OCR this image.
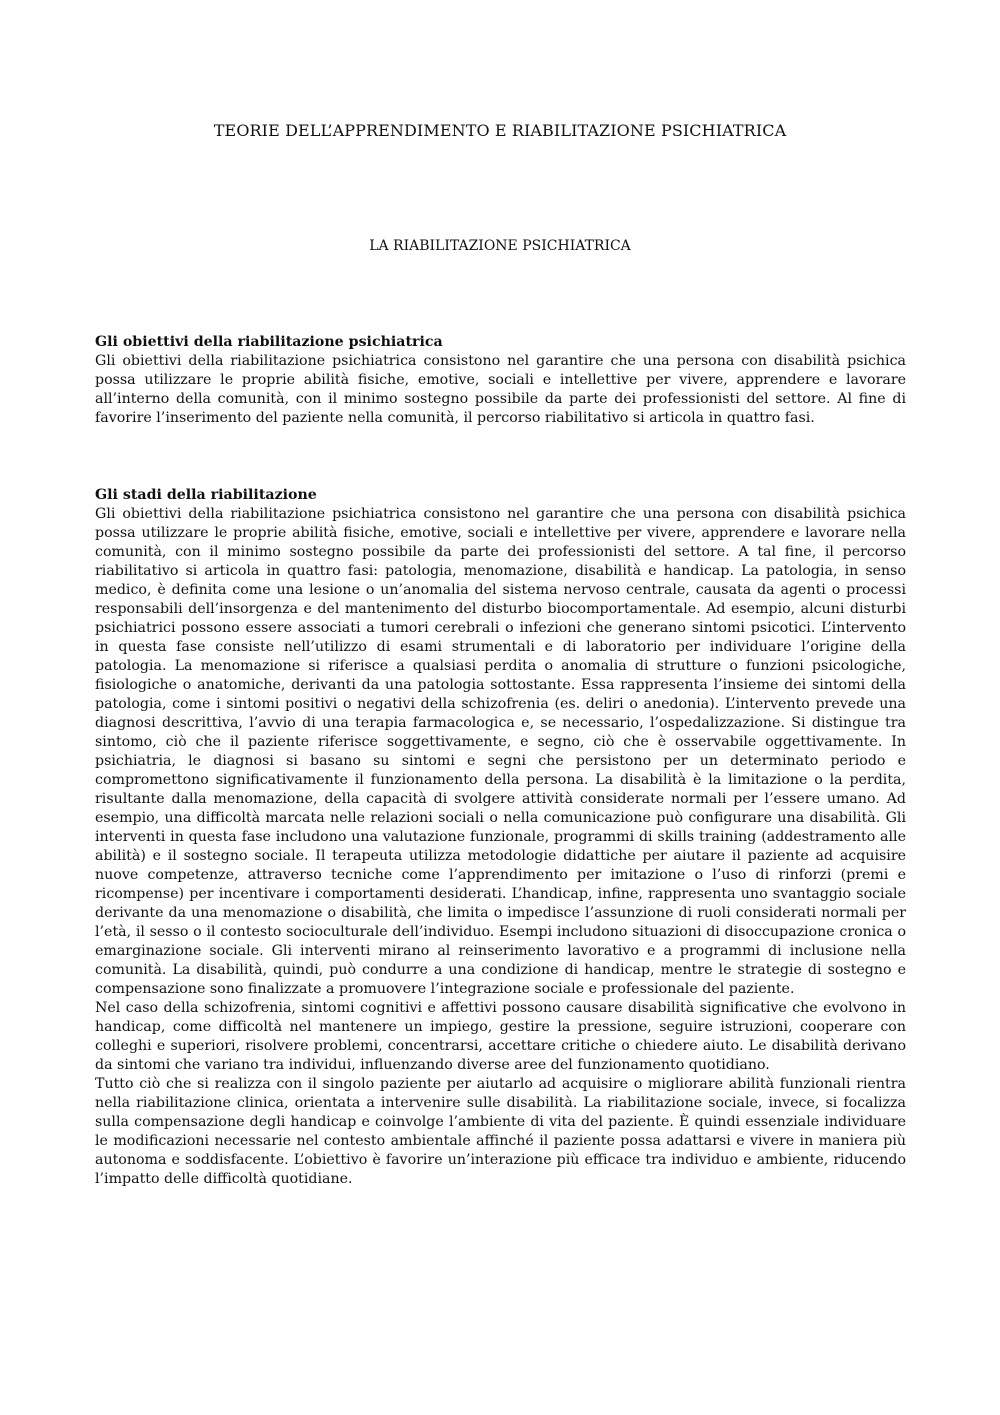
TEORIE DELL’APPRENDIMENTO E RIABILITAZIONE PSICHIATRICA
LA RIABILITAZIONE PSICHIATRICA
Gli obiettivi della riabilitazione psichiatrica

Gli obiettivi della riabilitazione psichiatrica consistono nel garantire che una persona con disabilità psichica possa utilizzare le proprie abilità fisiche, emotive, sociali e intellettive per vivere, apprendere e lavorare all’interno della comunità, con il minimo sostegno possibile da parte dei professionisti del settore. Al fine di favorire l’inserimento del paziente nella comunità, il percorso riabilitativo si articola in quattro fasi.

Gli stadi della riabilitazione

Gli obiettivi della riabilitazione psichiatrica consistono nel garantire che una persona con disabilità psichica possa utilizzare le proprie abilità fisiche, emotive, sociali e intellettive per vivere, apprendere e lavorare nella comunità, con il minimo sostegno possibile da parte dei professionisti del settore. A tal fine, il percorso riabilitativo si articola in quattro fasi: patologia, menomazione, disabilità e handicap. La patologia, in senso medico, è definita come una lesione o un’anomalia del sistema nervoso centrale, causata da agenti o processi responsabili dell’insorgenza e del mantenimento del disturbo biocomportamentale. Ad esempio, alcuni disturbi psichiatrici possono essere associati a tumori cerebrali o infezioni che generano sintomi psicotici. L’intervento in questa fase consiste nell’utilizzo di esami strumentali e di laboratorio per individuare l’origine della patologia. La menomazione si riferisce a qualsiasi perdita o anomalia di strutture o funzioni psicologiche, fisiologiche o anatomiche, derivanti da una patologia sottostante. Essa rappresenta l’insieme dei sintomi della patologia, come i sintomi positivi o negativi della schizofrenia (es. deliri o anedonia). L’intervento prevede una diagnosi descrittiva, l’avvio di una terapia farmacologica e, se necessario, l’ospedalizzazione. Si distingue tra sintomo, ciò che il paziente riferisce soggettivamente, e segno, ciò che è osservabile oggettivamente. In psichiatria, le diagnosi si basano su sintomi e segni che persistono per un determinato periodo e compromettono significativamente il funzionamento della persona. La disabilità è la limitazione o la perdita, risultante dalla menomazione, della capacità di svolgere attività considerate normali per l’essere umano. Ad esempio, una difficoltà marcata nelle relazioni sociali o nella comunicazione può configurare una disabilità. Gli interventi in questa fase includono una valutazione funzionale, programmi di skills training (addestramento alle abilità) e il sostegno sociale. Il terapeuta utilizza metodologie didattiche per aiutare il paziente ad acquisire nuove competenze, attraverso tecniche come l’apprendimento per imitazione o l’uso di rinforzi (premi e ricompense) per incentivare i comportamenti desiderati. L’handicap, infine, rappresenta uno svantaggio sociale derivante da una menomazione o disabilità, che limita o impedisce l’assunzione di ruoli considerati normali per l’età, il sesso o il contesto socioculturale dell’individuo. Esempi includono situazioni di disoccupazione cronica o emarginazione sociale. Gli interventi mirano al reinserimento lavorativo e a programmi di inclusione nella comunità. La disabilità, quindi, può condurre a una condizione di handicap, mentre le strategie di sostegno e compensazione sono finalizzate a promuovere l’integrazione sociale e professionale del paziente.

Nel caso della schizofrenia, sintomi cognitivi e affettivi possono causare disabilità significative che evolvono in handicap, come difficoltà nel mantenere un impiego, gestire la pressione, seguire istruzioni, cooperare con colleghi e superiori, risolvere problemi, concentrarsi, accettare critiche o chiedere aiuto. Le disabilità derivano da sintomi che variano tra individui, influenzando diverse aree del funzionamento quotidiano.

Tutto ciò che si realizza con il singolo paziente per aiutarlo ad acquisire o migliorare abilità funzionali rientra nella riabilitazione clinica, orientata a intervenire sulle disabilità. La riabilitazione sociale, invece, si focalizza sulla compensazione degli handicap e coinvolge l’ambiente di vita del paziente. È quindi essenziale individuare le modificazioni necessarie nel contesto ambientale affinché il paziente possa adattarsi e vivere in maniera più autonoma e soddisfacente. L’obiettivo è favorire un’interazione più efficace tra individuo e ambiente, riducendo l’impatto delle difficoltà quotidiane.
